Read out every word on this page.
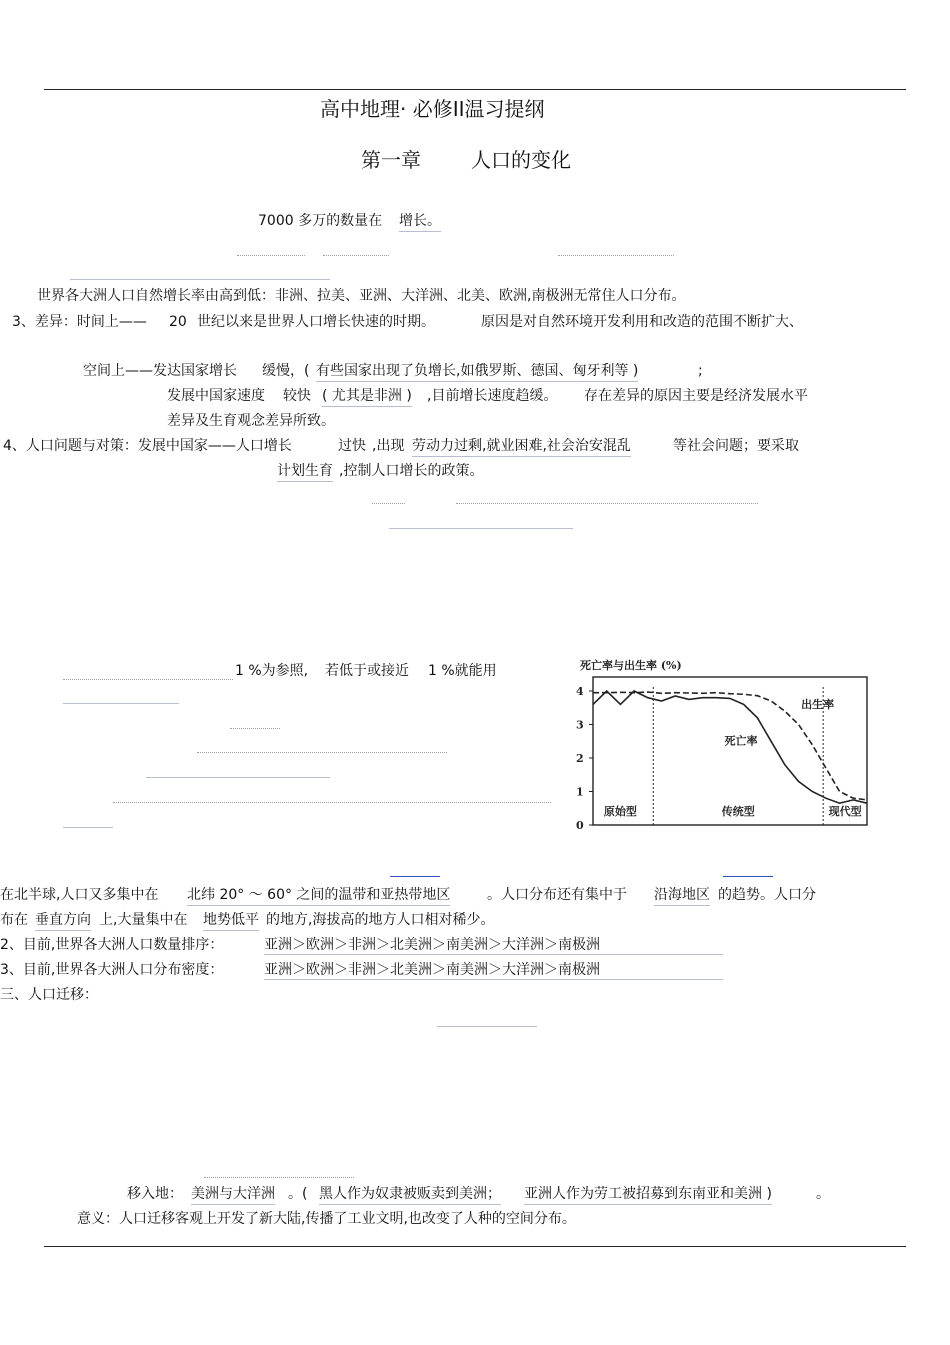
高中地理· 必修II温习提纲
第一章	人口的变化
7000 多万的数量在 增长。
世界各大洲人口自然增长率由高到低：非洲、拉美、亚洲、大洋洲、北美、欧洲,南极洲无常住人口分布。
3、差异：时间上—— 20 世纪以来是世界人口增长快速的时期。	原因是对自然环境开发利用和改造的范围不断扩大、
空间上——发达国家增长 缓慢，( 有些国家出现了负增长,如俄罗斯、德国、匈牙利等 )	;
发展中国家速度 较快 ( 尤其是非洲 ) ,目前增长速度趋缓。 存在差异的原因主要是经济发展水平
差异及生育观念差异所致。
4、人口问题与对策：发展中国家——人口增长	过快 ,出现 劳动力过剩,就业困难,社会治安混乱	等社会问题；要采取
计划生育 ,控制人口增长的政策。
1 %为参照, 若低于或接近 1 %就能用	死亡率与出生率 (%)
0
1
2
3
4
原始型	传统型	现代型
出生率
死亡率
在北半球,人口又多集中在 北纬 20° ～ 60° 之间的温带和亚热带地区	。人口分布还有集中于 沿海地区 的趋势。人口分
布在 垂直方向 上,大量集中在 地势低平 的地方,海拔高的地方人口相对稀少。
2、目前,世界各大洲人口数量排序：	亚洲＞欧洲＞非洲＞北美洲＞南美洲＞大洋洲＞南极洲
3、目前,世界各大洲人口分布密度：	亚洲＞欧洲＞非洲＞北美洲＞南美洲＞大洋洲＞南极洲
三、人口迁移：
移入地： 美洲与大洋洲 。( 黑人作为奴隶被贩卖到美洲； 亚洲人作为劳工被招募到东南亚和美洲 )	。
意义：人口迁移客观上开发了新大陆,传播了工业文明,也改变了人种的空间分布。
